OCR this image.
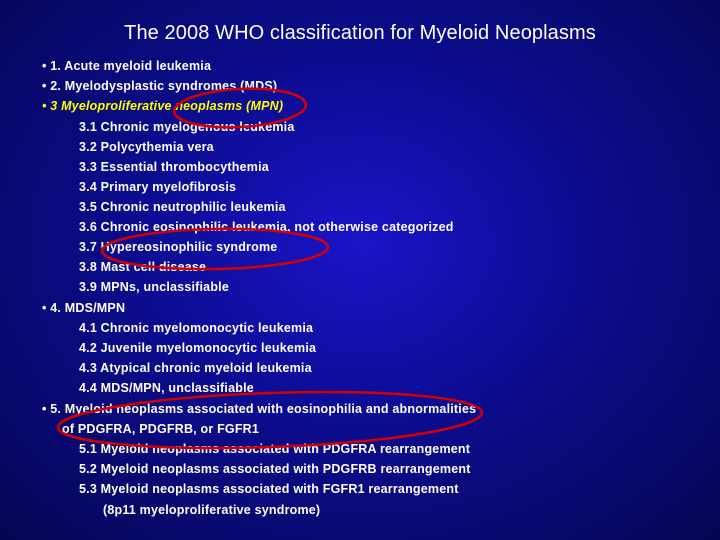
The 2008 WHO classification for Myeloid Neoplasms
• 1. Acute myeloid leukemia
• 2. Myelodysplastic syndromes (MDS)
• 3 Myeloproliferative neoplasms (MPN)
3.1 Chronic myelogenous leukemia
3.2 Polycythemia vera
3.3 Essential thrombocythemia
3.4 Primary myelofibrosis
3.5 Chronic neutrophilic leukemia
3.6 Chronic eosinophilic leukemia, not otherwise categorized
3.7 Hypereosinophilic syndrome
3.8 Mast cell disease
3.9 MPNs, unclassifiable
• 4. MDS/MPN
4.1 Chronic myelomonocytic leukemia
4.2 Juvenile myelomonocytic leukemia
4.3 Atypical chronic myeloid leukemia
4.4 MDS/MPN, unclassifiable
• 5. Myeloid neoplasms associated with eosinophilia and abnormalities
of PDGFRA, PDGFRB, or FGFR1
5.1 Myeloid neoplasms associated with PDGFRA rearrangement
5.2 Myeloid neoplasms associated with PDGFRB rearrangement
5.3 Myeloid neoplasms associated with FGFR1 rearrangement
(8p11 myeloproliferative syndrome)
